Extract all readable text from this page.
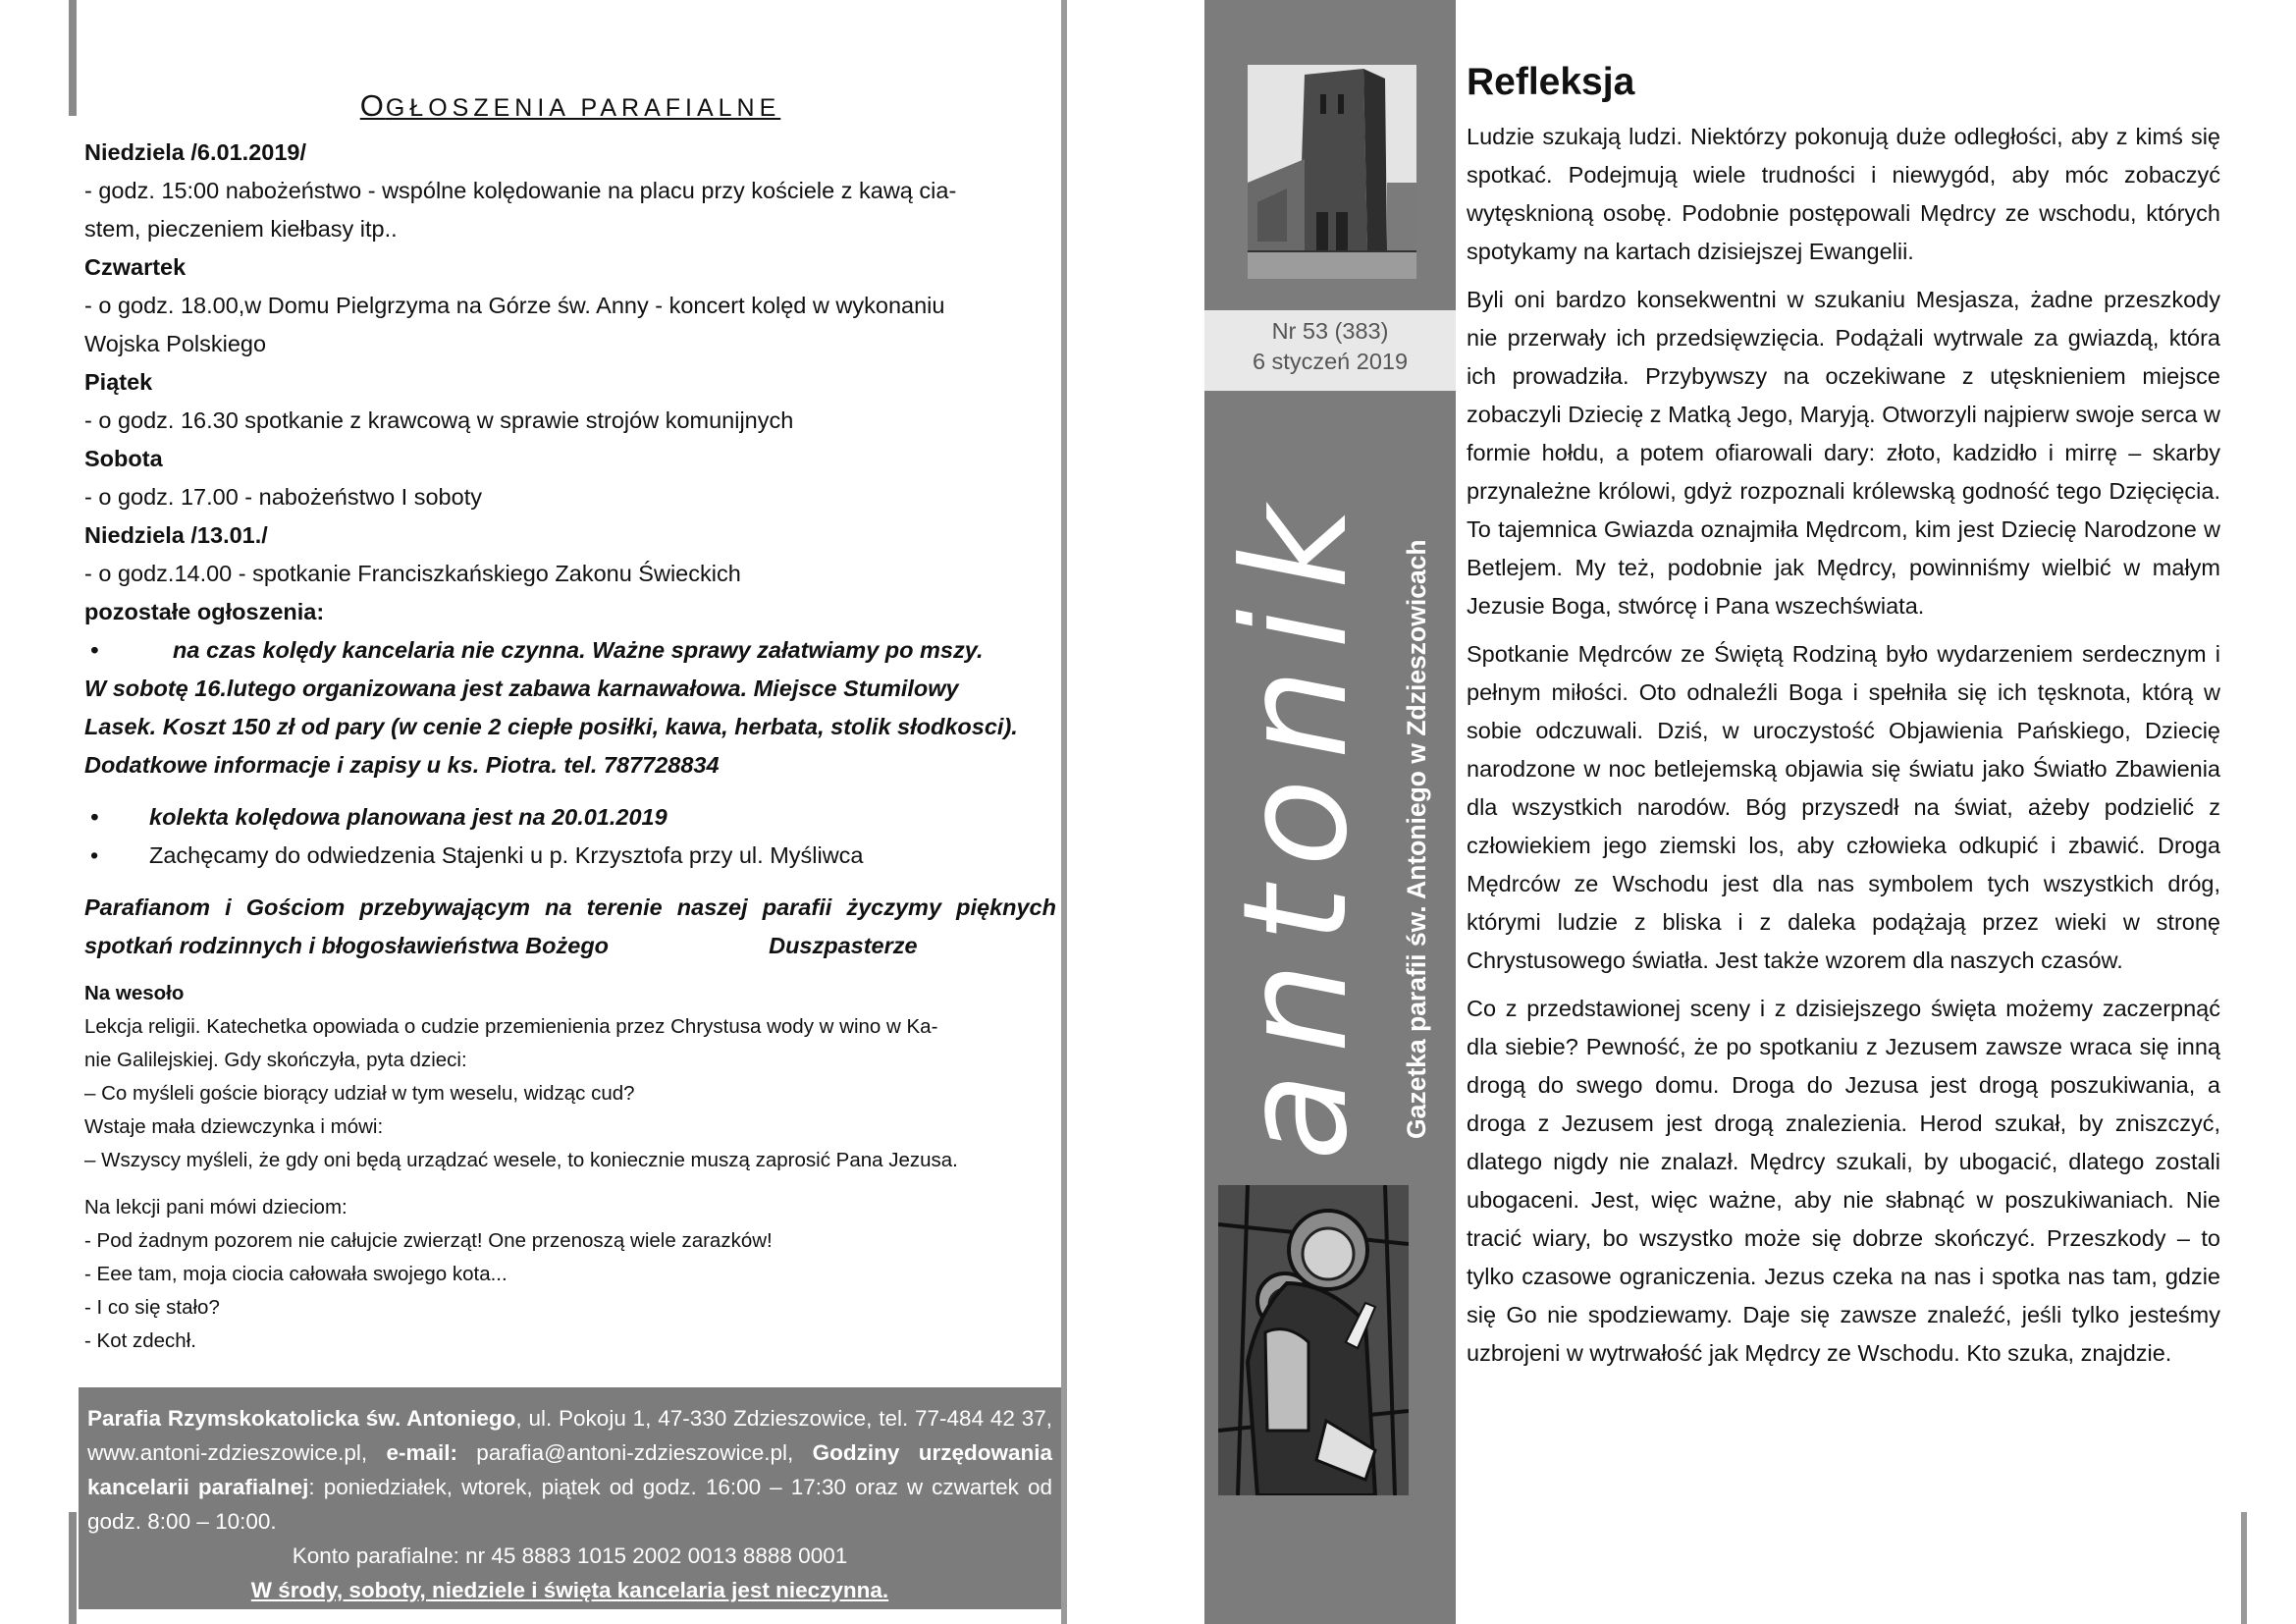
OGŁOSZENIA PARAFIALNE

Niedziela /6.01.2019/

- godz. 15:00 nabożeństwo - wspólne kolędowanie na placu przy kościele z kawą cia-

stem, pieczeniem kiełbasy itp..

Czwartek

- o godz. 18.00,w Domu Pielgrzyma na Górze św. Anny - koncert kolęd w wykonaniu

Wojska Polskiego

Piątek

- o godz. 16.30 spotkanie z krawcową w sprawie strojów komunijnych

Sobota

- o godz. 17.00 - nabożeństwo I soboty

Niedziela /13.01./

- o godz.14.00 - spotkanie Franciszkańskiego Zakonu Świeckich

pozostałe ogłoszenia:

•	na czas kolędy kancelaria nie czynna. Ważne sprawy załatwiamy po mszy.

W sobotę 16.lutego organizowana jest zabawa karnawałowa. Miejsce Stumilowy

Lasek. Koszt 150 zł od pary (w cenie 2 ciepłe posiłki, kawa, herbata, stolik słodkosci).

Dodatkowe informacje i zapisy u ks. Piotra. tel. 787728834

•	kolekta kolędowa planowana jest na 20.01.2019
•	Zachęcamy do odwiedzenia Stajenki u p. Krzysztofa przy ul. Myśliwca

Parafianom i Gościom przebywającym na terenie naszej parafii życzymy pięknych spotkań rodzinnych i błogosławieństwa Bożego	Duszpasterze

Na wesoło

Lekcja religii. Katechetka opowiada o cudzie przemienienia przez Chrystusa wody w wino w Ka-

nie Galilejskiej. Gdy skończyła, pyta dzieci:

– Co myśleli goście biorący udział w tym weselu, widząc cud?

Wstaje mała dziewczynka i mówi:

– Wszyscy myśleli, że gdy oni będą urządzać wesele, to koniecznie muszą zaprosić Pana Jezusa.

Na lekcji pani mówi dzieciom:

- Pod żadnym pozorem nie całujcie zwierząt! One przenoszą wiele zarazków!

- Eee tam, moja ciocia całowała swojego kota...

- I co się stało?

- Kot zdechł.

Parafia Rzymskokatolicka św. Antoniego, ul. Pokoju 1, 47-330 Zdzieszowice, tel. 77-484 42 37, www.antoni-zdzieszowice.pl, e-mail: parafia@antoni-zdzieszowice.pl, Godziny urzędowania kancelarii parafialnej: poniedziałek, wtorek, piątek od godz. 16:00 – 17:30 oraz w czwartek od godz. 8:00 – 10:00.

Konto parafialne: nr 45 8883 1015 2002 0013 8888 0001

W środy, soboty, niedziele i święta kancelaria jest nieczynna.

Nr 53 (383)
6 styczeń 2019
antonik Gazetka parafii św. Antoniego w Zdzieszowicach
Refleksja

Ludzie szukają ludzi. Niektórzy pokonują duże odległości, aby z kimś się spotkać. Podejmują wiele trudności i niewygód, aby móc zobaczyć wytęsknioną osobę. Podobnie postępowali Mędrcy ze wschodu, których spotykamy na kartach dzisiejszej Ewangelii.

Byli oni bardzo konsekwentni w szukaniu Mesjasza, żadne przeszkody nie przerwały ich przedsięwzięcia. Podążali wytrwale za gwiazdą, która ich prowadziła. Przybywszy na oczekiwane z utęsknieniem miejsce zobaczyli Dziecię z Matką Jego, Maryją. Otworzyli najpierw swoje serca w formie hołdu, a potem ofiarowali dary: złoto, kadzidło i mirrę – skarby przynależne królowi, gdyż rozpoznali królewską godność tego Dzięcięcia. To tajemnica Gwiazda oznajmiła Mędrcom, kim jest Dziecię Narodzone w Betlejem. My też, podobnie jak Mędrcy, powinniśmy wielbić w małym Jezusie Boga, stwórcę i Pana wszechświata.

Spotkanie Mędrców ze Świętą Rodziną było wydarzeniem serdecznym i pełnym miłości. Oto odnaleźli Boga i spełniła się ich tęsknota, którą w sobie odczuwali. Dziś, w uroczystość Objawienia Pańskiego, Dziecię narodzone w noc betlejemską objawia się światu jako Światło Zbawienia dla wszystkich narodów. Bóg przyszedł na świat, ażeby podzielić z człowiekiem jego ziemski los, aby człowieka odkupić i zbawić. Droga Mędrców ze Wschodu jest dla nas symbolem tych wszystkich dróg, którymi ludzie z bliska i z daleka podążają przez wieki w stronę Chrystusowego światła. Jest także wzorem dla naszych czasów.

Co z przedstawionej sceny i z dzisiejszego święta możemy zaczerpnąć dla siebie? Pewność, że po spotkaniu z Jezusem zawsze wraca się inną drogą do swego domu. Droga do Jezusa jest drogą poszukiwania, a droga z Jezusem jest drogą znalezienia. Herod szukał, by zniszczyć, dlatego nigdy nie znalazł. Mędrcy szukali, by ubogacić, dlatego zostali ubogaceni. Jest, więc ważne, aby nie słabnąć w poszukiwaniach. Nie tracić wiary, bo wszystko może się dobrze skończyć. Przeszkody – to tylko czasowe ograniczenia. Jezus czeka na nas i spotka nas tam, gdzie się Go nie spodziewamy. Daje się zawsze znaleźć, jeśli tylko jesteśmy uzbrojeni w wytrwałość jak Mędrcy ze Wschodu. Kto szuka, znajdzie.
